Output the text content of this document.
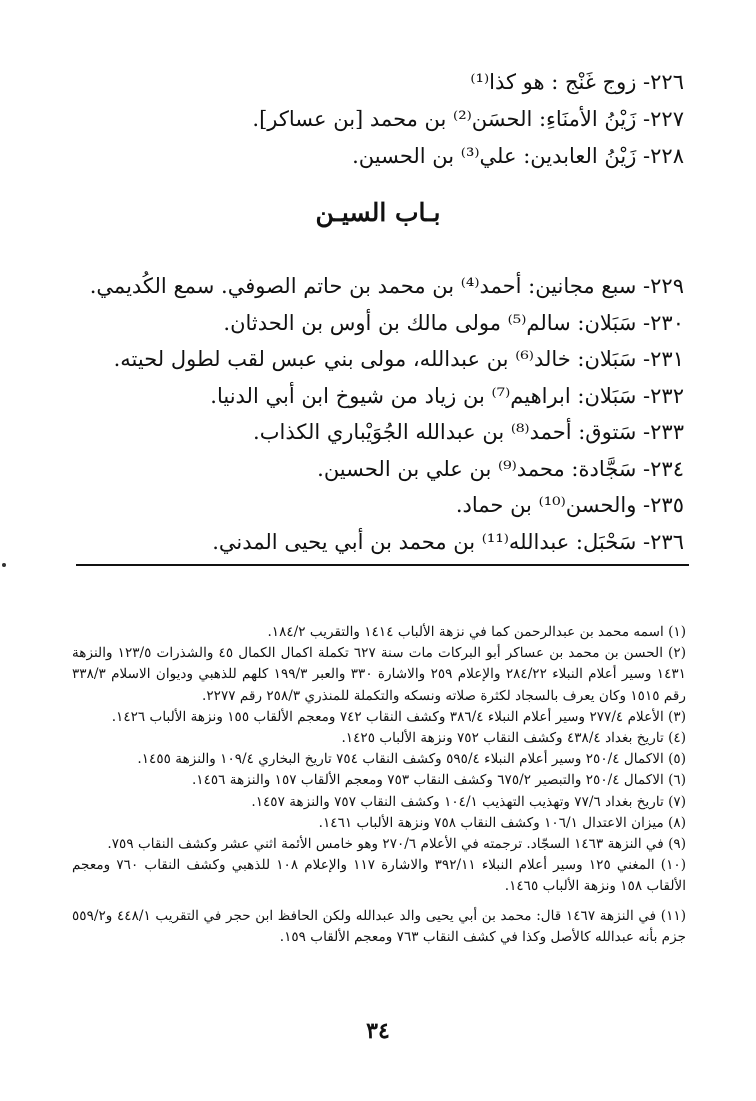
٢٢٦- زوج غَنْج : هو كذا⁽¹⁾
٢٢٧- زَيْنُ الأمنَاءِ: الحسَن⁽²⁾ بن محمد [بن عساكر].
٢٢٨- زَيْنُ العابدين: علي⁽³⁾ بن الحسين.
بـاب السيـن
٢٢٩- سبع مجانين: أحمد⁽⁴⁾ بن محمد بن حاتم الصوفي. سمع الكُديمي.
٢٣٠- سَبَلان: سالم⁽⁵⁾ مولى مالك بن أوس بن الحدثان.
٢٣١- سَبَلان: خالد⁽⁶⁾ بن عبدالله، مولى بني عبس لقب لطول لحيته.
٢٣٢- سَبَلان: ابراهيم⁽⁷⁾ بن زياد من شيوخ ابن أبي الدنيا.
٢٣٣- سَتوق: أحمد⁽⁸⁾ بن عبدالله الجُوَيْباري الكذاب.
٢٣٤- سَجَّادة: محمد⁽⁹⁾ بن علي بن الحسين.
٢٣٥- والحسن⁽¹⁰⁾ بن حماد.
٢٣٦- سَحْبَل: عبدالله⁽¹¹⁾ بن محمد بن أبي يحيى المدني.

(١) اسمه محمد بن عبدالرحمن كما في نزهة الألباب ١٤١٤ والتقريب ١٨٤/٢.

(٢) الحسن بن محمد بن عساكر أبو البركات مات سنة ٦٢٧ تكملة اكمال الكمال ٤٥ والشذرات ١٢٣/٥ والنزهة ١٤٣١ وسير أعلام النبلاء ٢٨٤/٢٢ والإعلام ٢٥٩ والاشارة ٣٣٠ والعبر ١٩٩/٣ كلهم للذهبي وديوان الاسلام ٣٣٨/٣ رقم ١٥١٥ وكان يعرف بالسجاد لكثرة صلاته ونسكه والتكملة للمنذري ٢٥٨/٣ رقم ٢٢٧٧.

(٣) الأعلام ٢٧٧/٤ وسير أعلام النبلاء ٣٨٦/٤ وكشف النقاب ٧٤٢ ومعجم الألقاب ١٥٥ ونزهة الألباب ١٤٢٦.

(٤) تاريخ بغداد ٤٣٨/٤ وكشف النقاب ٧٥٢ ونزهة الألباب ١٤٢٥.

(٥) الاكمال ٢٥٠/٤ وسير أعلام النبلاء ٥٩٥/٤ وكشف النقاب ٧٥٤ تاريخ البخاري ١٠٩/٤ والنزهة ١٤٥٥.

(٦) الاكمال ٢٥٠/٤ والتبصير ٦٧٥/٢ وكشف النقاب ٧٥٣ ومعجم الألقاب ١٥٧ والنزهة ١٤٥٦.

(٧) تاريخ بغداد ٧٧/٦ وتهذيب التهذيب ١٠٤/١ وكشف النقاب ٧٥٧ والنزهة ١٤٥٧.

(٨) ميزان الاعتدال ١٠٦/١ وكشف النقاب ٧٥٨ ونزهة الألباب ١٤٦١.

(٩) في النزهة ١٤٦٣ السجّاد. ترجمته في الأعلام ٢٧٠/٦ وهو خامس الأئمة اثني عشر وكشف النقاب ٧٥٩.

(١٠) المغني ١٢٥ وسير أعلام النبلاء ٣٩٢/١١ والاشارة ١١٧ والإعلام ١٠٨ للذهبي وكشف النقاب ٧٦٠ ومعجم الألقاب ١٥٨ ونزهة الألباب ١٤٦٥.

(١١) في النزهة ١٤٦٧ قال: محمد بن أبي يحيى والد عبدالله ولكن الحافظ ابن حجر في التقريب ٤٤٨/١ و٥٥٩/٢ جزم بأنه عبدالله كالأصل وكذا في كشف النقاب ٧٦٣ ومعجم الألقاب ١٥٩.

٣٤
